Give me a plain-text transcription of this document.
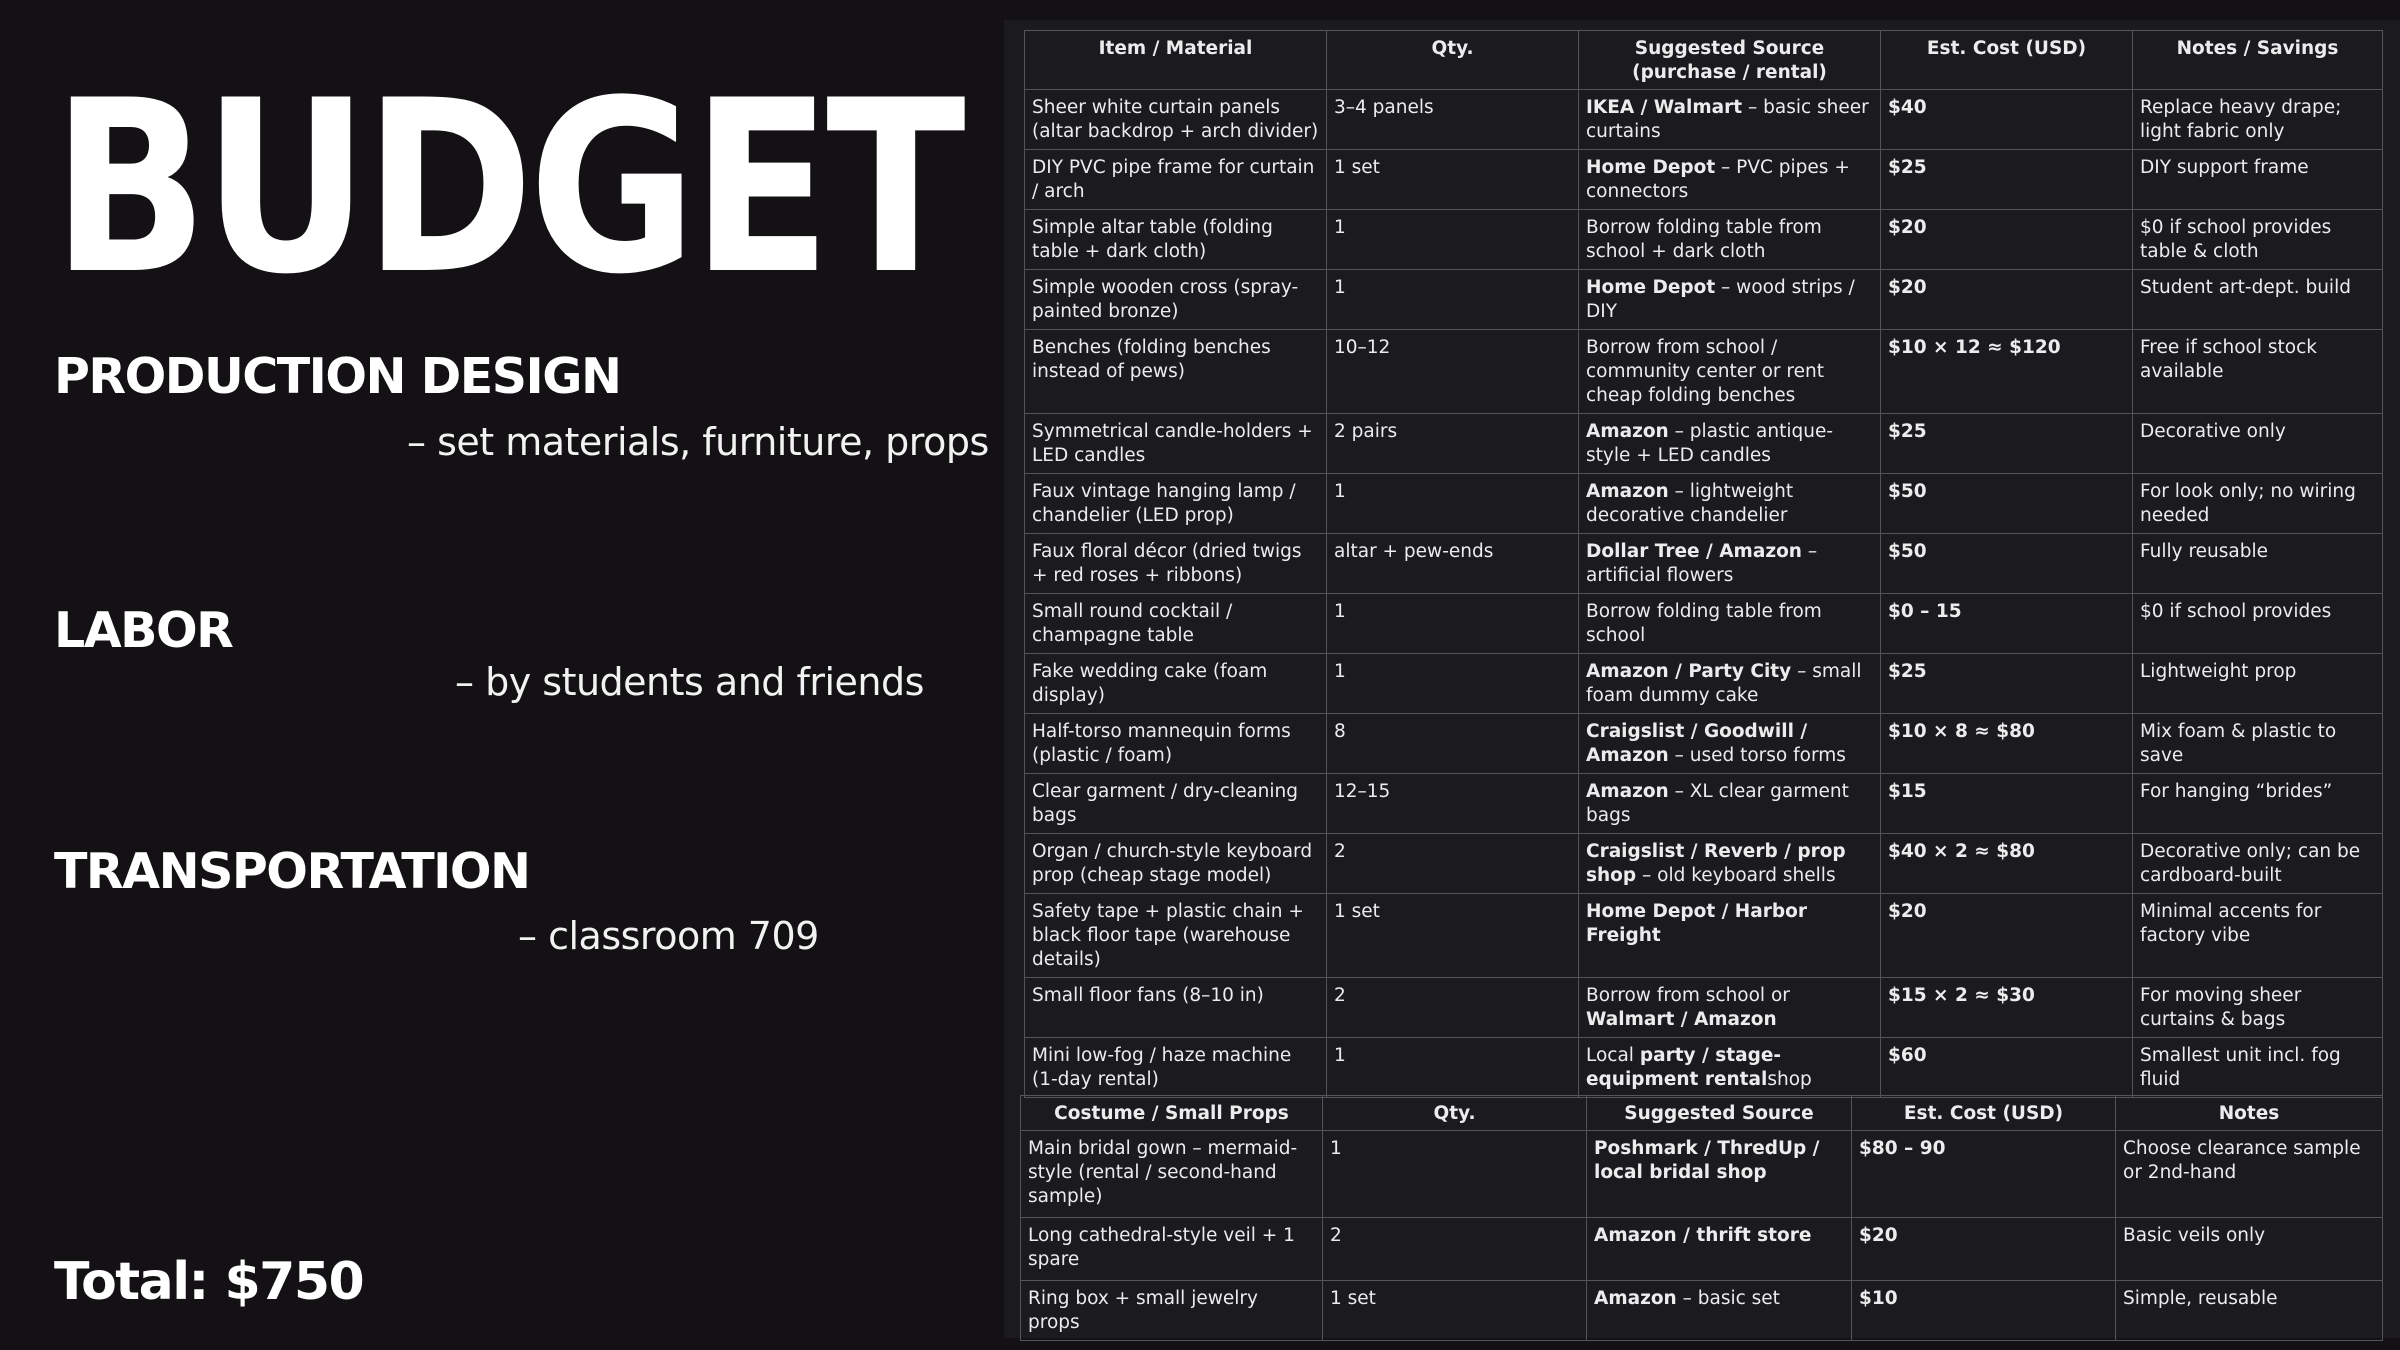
BUDGET
PRODUCTION DESIGN
– set materials, furniture, props
LABOR
– by students and friends
TRANSPORTATION
– classroom 709
Total: $750
Item / Material	Qty.	Suggested Source (purchase / rental)	Est. Cost (USD)	Notes / Savings
Sheer white curtain panels (altar backdrop + arch divider)	3–4 panels	IKEA / Walmart – basic sheer curtains	$40	Replace heavy drape; light fabric only
DIY PVC pipe frame for curtain / arch	1 set	Home Depot – PVC pipes + connectors	$25	DIY support frame
Simple altar table (folding table + dark cloth)	1	Borrow folding table from school + dark cloth	$20	$0 if school provides table & cloth
Simple wooden cross (spray-painted bronze)	1	Home Depot – wood strips / DIY	$20	Student art-dept. build
Benches (folding benches instead of pews)	10–12	Borrow from school / community center or rent cheap folding benches	$10 × 12 ≈ $120	Free if school stock available
Symmetrical candle-holders + LED candles	2 pairs	Amazon – plastic antique-style + LED candles	$25	Decorative only
Faux vintage hanging lamp / chandelier (LED prop)	1	Amazon – lightweight decorative chandelier	$50	For look only; no wiring needed
Faux floral décor (dried twigs + red roses + ribbons)	altar + pew-ends	Dollar Tree / Amazon – artificial flowers	$50	Fully reusable
Small round cocktail / champagne table	1	Borrow folding table from school	$0 – 15	$0 if school provides
Fake wedding cake (foam display)	1	Amazon / Party City – small foam dummy cake	$25	Lightweight prop
Half-torso mannequin forms (plastic / foam)	8	Craigslist / Goodwill / Amazon – used torso forms	$10 × 8 ≈ $80	Mix foam & plastic to save
Clear garment / dry-cleaning bags	12–15	Amazon – XL clear garment bags	$15	For hanging “brides”
Organ / church-style keyboard prop (cheap stage model)	2	Craigslist / Reverb / prop shop – old keyboard shells	$40 × 2 ≈ $80	Decorative only; can be cardboard-built
Safety tape + plastic chain + black floor tape (warehouse details)	1 set	Home Depot / Harbor Freight	$20	Minimal accents for factory vibe
Small floor fans (8–10 in)	2	Borrow from school or Walmart / Amazon	$15 × 2 ≈ $30	For moving sheer curtains & bags
Mini low-fog / haze machine (1-day rental)	1	Local party / stage-equipment rentalshop	$60	Smallest unit incl. fog fluid
Costume / Small Props	Qty.	Suggested Source	Est. Cost (USD)	Notes
Main bridal gown – mermaid-style (rental / second-hand sample)	1	Poshmark / ThredUp / local bridal shop	$80 – 90	Choose clearance sample or 2nd-hand
Long cathedral-style veil + 1 spare	2	Amazon / thrift store	$20	Basic veils only
Ring box + small jewelry props	1 set	Amazon – basic set	$10	Simple, reusable
